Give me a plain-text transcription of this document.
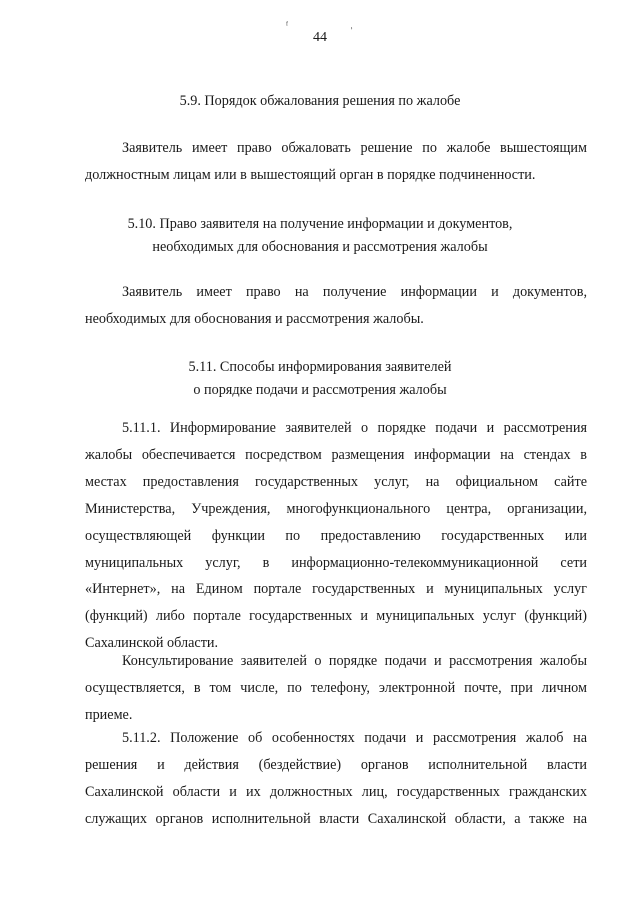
ᶠ	⸒
44
5.9. Порядок обжалования решения по жалобе
Заявитель имеет право обжаловать решение по жалобе вышестоящим
должностным лицам или в вышестоящий орган в порядке подчиненности.
5.10. Право заявителя на получение информации и документов,
необходимых для обоснования и рассмотрения жалобы
Заявитель имеет право на получение информации и документов,
необходимых для обоснования и рассмотрения жалобы.
5.11. Способы информирования заявителей
о порядке подачи и рассмотрения жалобы
5.11.1. Информирование заявителей о порядке подачи и рассмотрения
жалобы обеспечивается посредством размещения информации на стендах в
местах предоставления государственных услуг, на официальном сайте
Министерства, Учреждения, многофункционального центра, организации,
осуществляющей функции по предоставлению государственных или
муниципальных услуг, в информационно-телекоммуникационной сети
«Интернет», на Едином портале государственных и муниципальных услуг
(функций) либо портале государственных и муниципальных услуг (функций)
Сахалинской области.
Консультирование заявителей о порядке подачи и рассмотрения жалобы
осуществляется, в том числе, по телефону, электронной почте, при личном
приеме.
5.11.2. Положение об особенностях подачи и рассмотрения жалоб на
решения и действия (бездействие) органов исполнительной власти
Сахалинской области и их должностных лиц, государственных гражданских
служащих органов исполнительной власти Сахалинской области, а также на
